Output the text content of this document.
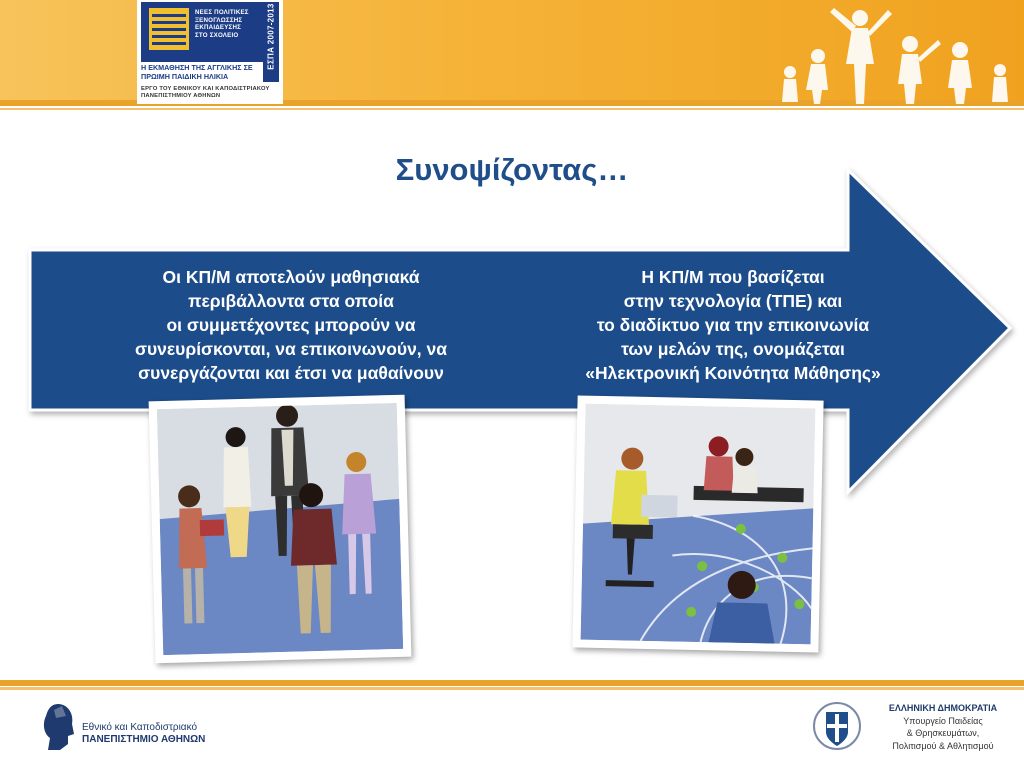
ΝΕΕΣ ΠΟΛΙΤΙΚΕΣ
ΞΕΝΟΓΛΩΣΣΗΣ
ΕΚΠΑΙΔΕΥΣΗΣ
ΣΤΟ ΣΧΟΛΕΙΟ
Η ΕΚΜΑΘΗΣΗ ΤΗΣ ΑΓΓΛΙΚΗΣ ΣΕ
ΠΡΩΙΜΗ ΠΑΙΔΙΚΗ ΗΛΙΚΙΑ
ΕΣΠΑ 2007-2013
ΕΡΓΟ ΤΟΥ ΕΘΝΙΚΟΥ ΚΑΙ ΚΑΠΟΔΙΣΤΡΙΑΚΟΥ
ΠΑΝΕΠΙΣΤΗΜΙΟΥ ΑΘΗΝΩΝ
Συνοψίζοντας…
Οι ΚΠ/Μ αποτελούν μαθησιακά
περιβάλλοντα στα οποία
οι συμμετέχοντες μπορούν να
συνευρίσκονται, να επικοινωνούν, να
συνεργάζονται και έτσι να μαθαίνουν
Η ΚΠ/Μ που βασίζεται
στην τεχνολογία (ΤΠΕ) και
το διαδίκτυο για την επικοινωνία
των μελών της, ονομάζεται
«Ηλεκτρονική Κοινότητα Μάθησης»
Εθνικό και Καποδιστριακό
ΠΑΝΕΠΙΣΤΗΜΙΟ ΑΘΗΝΩΝ
ΕΛΛΗΝΙΚΗ ΔΗΜΟΚΡΑΤΙΑ
Υπουργείο Παιδείας
& Θρησκευμάτων,
Πολιτισμού & Αθλητισμού
